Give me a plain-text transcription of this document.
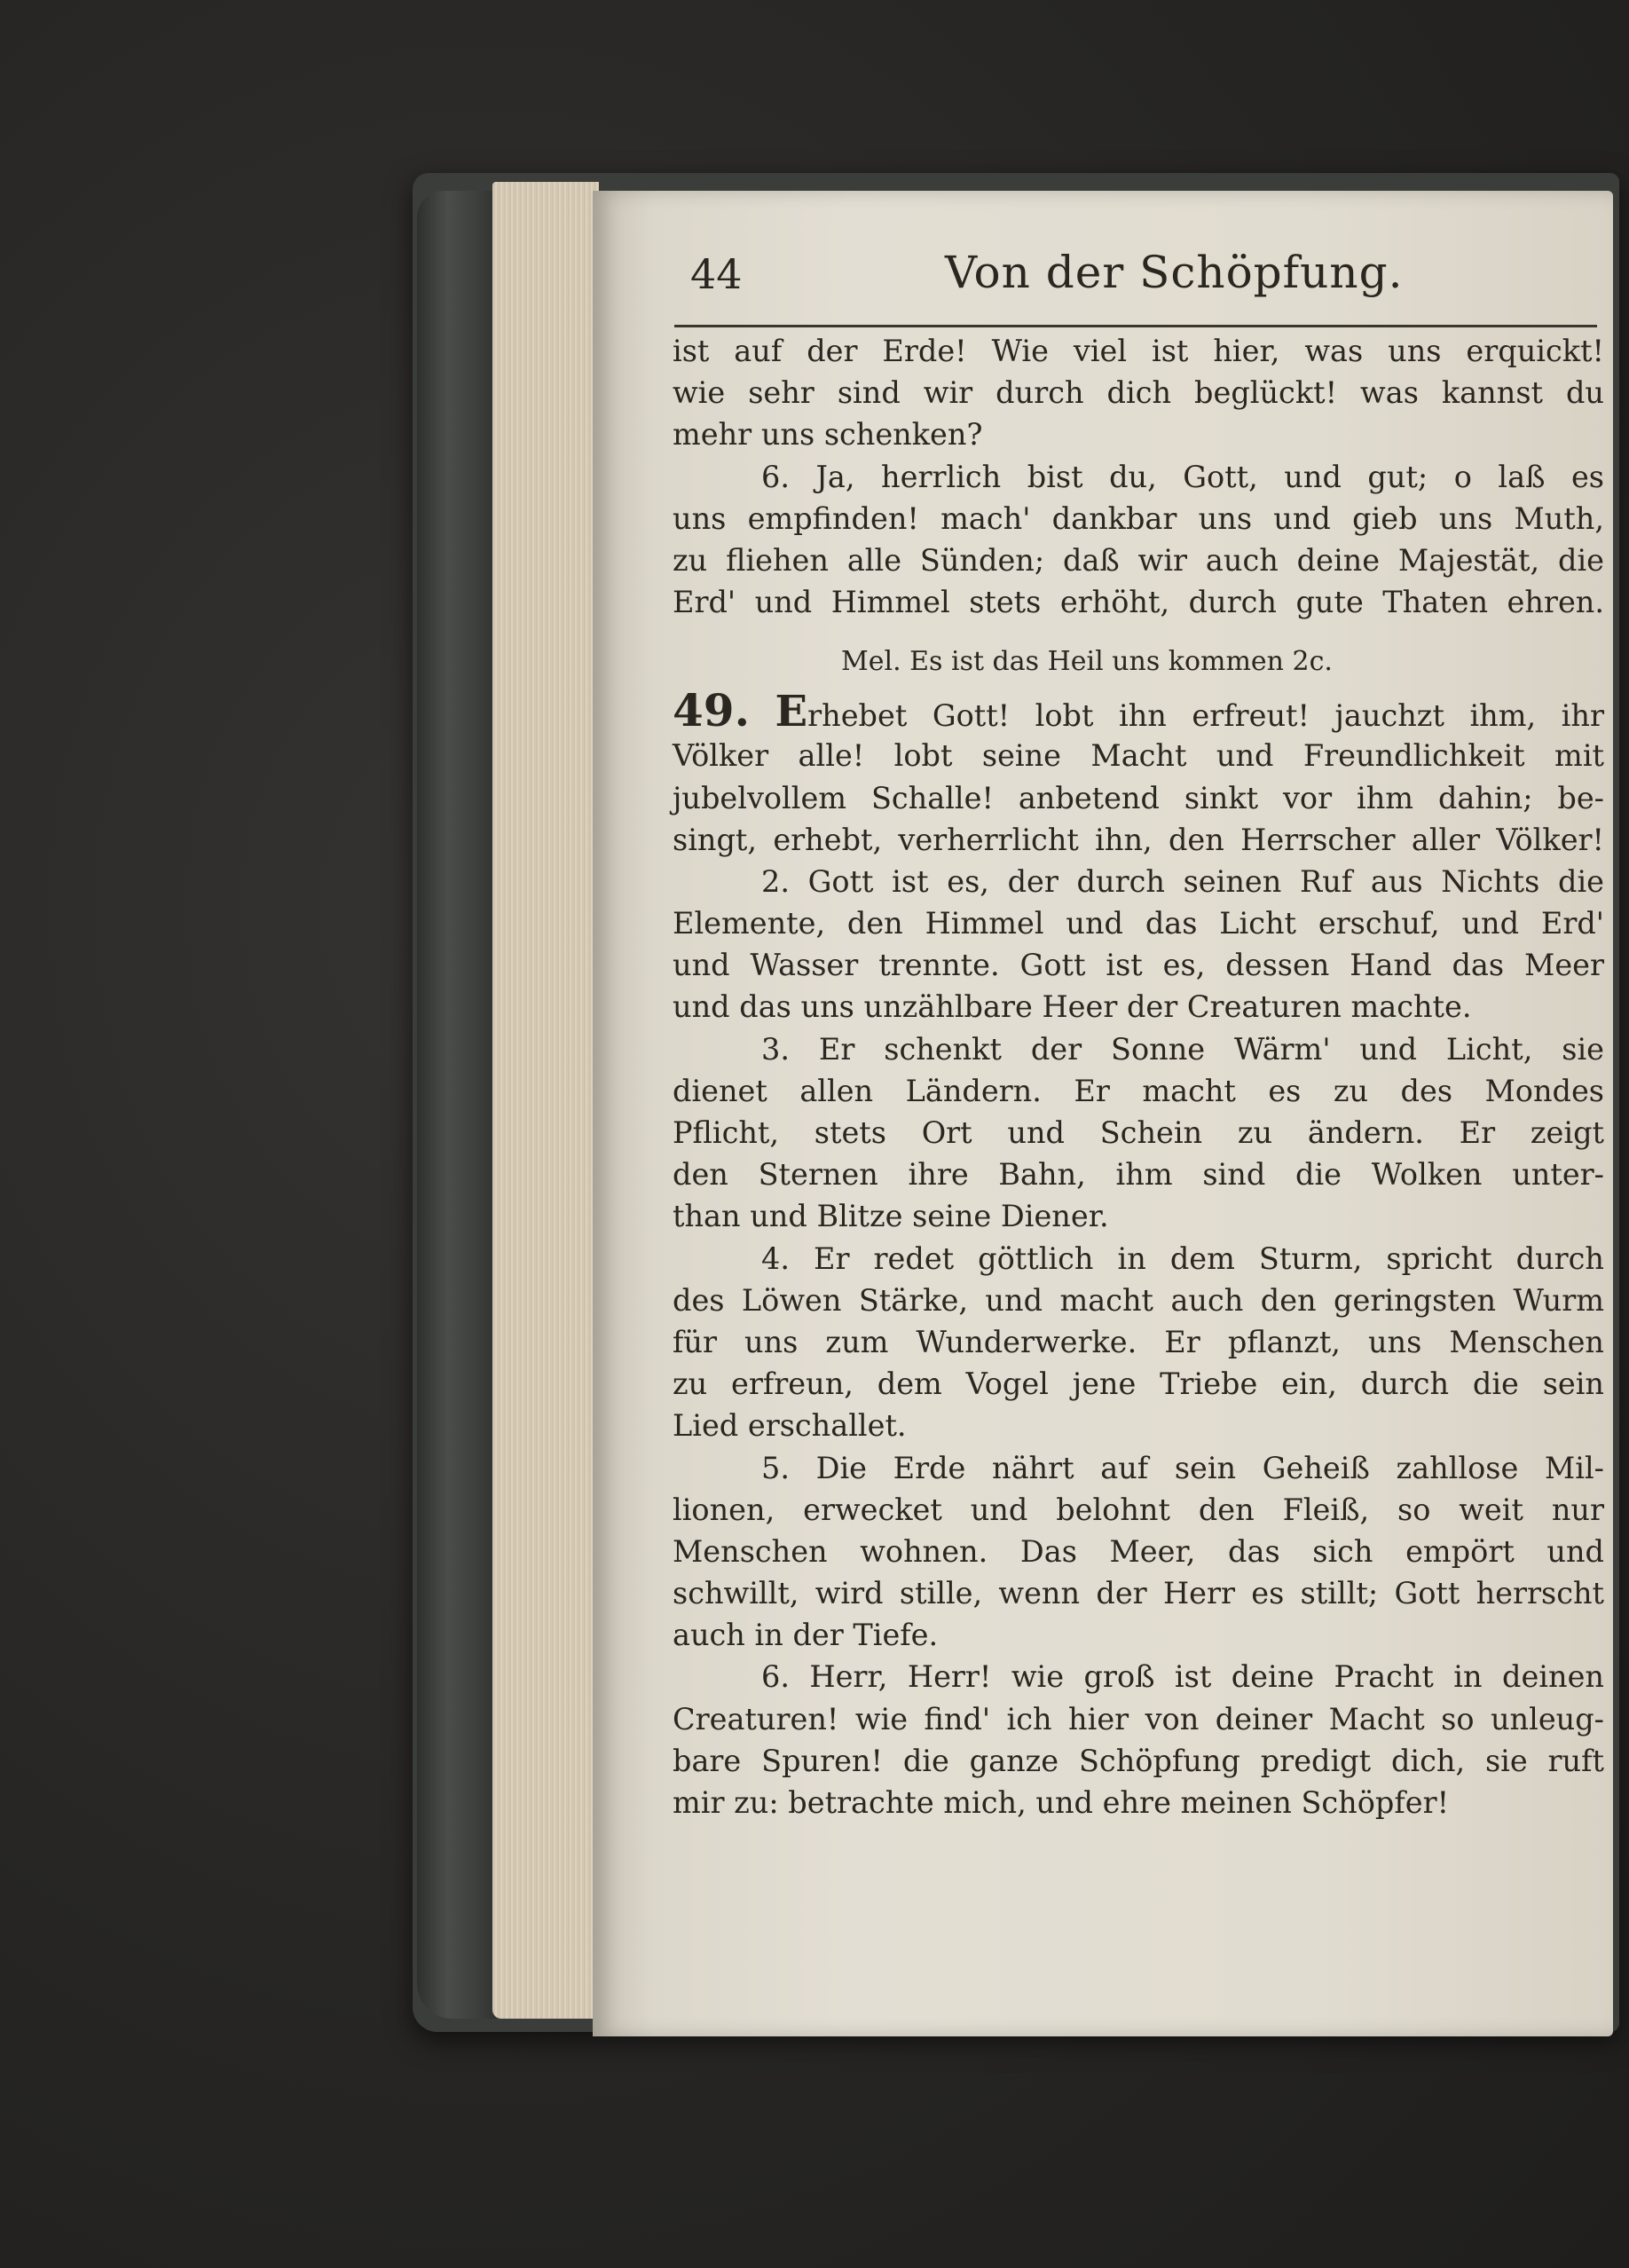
44	Von der Schöpfung.
ist auf der Erde! Wie viel ist hier, was uns erquickt!
wie sehr sind wir durch dich beglückt! was kannst du
mehr uns schenken?
6. Ja, herrlich bist du, Gott, und gut; o laß es
uns empfinden! mach' dankbar uns und gieb uns Muth,
zu fliehen alle Sünden; daß wir auch deine Majestät, die
Erd' und Himmel stets erhöht, durch gute Thaten ehren.
Mel. Es ist das Heil uns kommen 2c.
49. Erhebet Gott! lobt ihn erfreut! jauchzt ihm, ihr
Völker alle! lobt seine Macht und Freundlichkeit mit
jubelvollem Schalle! anbetend sinkt vor ihm dahin; be-
singt, erhebt, verherrlicht ihn, den Herrscher aller Völker!
2. Gott ist es, der durch seinen Ruf aus Nichts die
Elemente, den Himmel und das Licht erschuf, und Erd'
und Wasser trennte. Gott ist es, dessen Hand das Meer
und das uns unzählbare Heer der Creaturen machte.
3. Er schenkt der Sonne Wärm' und Licht, sie
dienet allen Ländern. Er macht es zu des Mondes
Pflicht, stets Ort und Schein zu ändern. Er zeigt
den Sternen ihre Bahn, ihm sind die Wolken unter-
than und Blitze seine Diener.
4. Er redet göttlich in dem Sturm, spricht durch
des Löwen Stärke, und macht auch den geringsten Wurm
für uns zum Wunderwerke. Er pflanzt, uns Menschen
zu erfreun, dem Vogel jene Triebe ein, durch die sein
Lied erschallet.
5. Die Erde nährt auf sein Geheiß zahllose Mil-
lionen, erwecket und belohnt den Fleiß, so weit nur
Menschen wohnen. Das Meer, das sich empört und
schwillt, wird stille, wenn der Herr es stillt; Gott herrscht
auch in der Tiefe.
6. Herr, Herr! wie groß ist deine Pracht in deinen
Creaturen! wie find' ich hier von deiner Macht so unleug-
bare Spuren! die ganze Schöpfung predigt dich, sie ruft
mir zu: betrachte mich, und ehre meinen Schöpfer!
